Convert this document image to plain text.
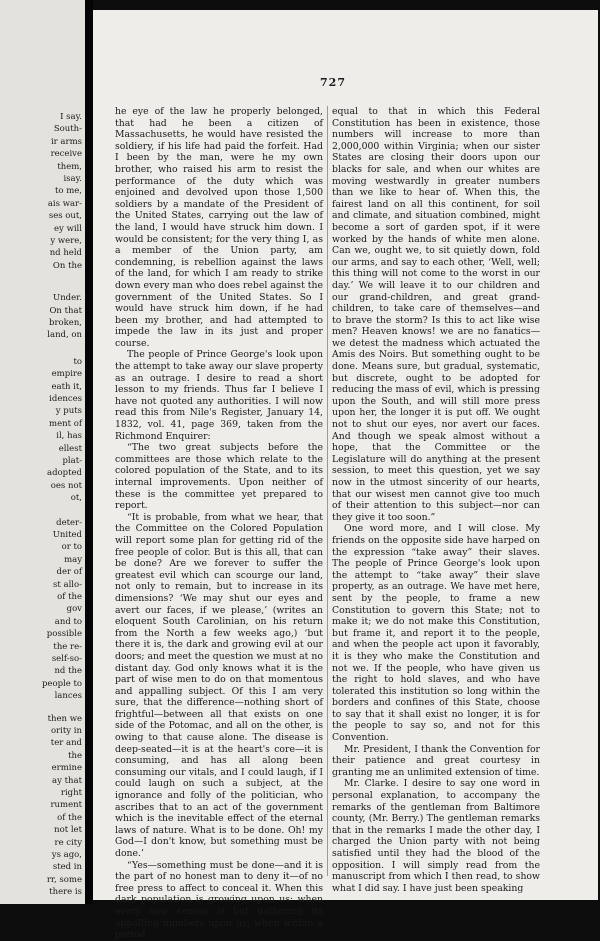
I say.
South-
ir arms
receive
them,
isay.
to me,
ais war-
ses out,
ey will
y were,
nd held
On the
Under.
On that
broken,
land, on
to
empire
eath it,
idences
y puts
ment of
il, has
ellest
plat-
adopted
oes not
ot,
deter-
United
or to
may
der of
st allo-
of the
gov
and to
possible
the re-
self-so-
nd the
people to
lances
then we
ority in
ter and
the
ermine
ay that
right
rument
of the
not let
re city
ys ago,
sted in
rr, some
there is
727

he eye of the law he properly belonged, that had he been a citizen of Massachusetts, he would have resisted the soldiery, if his life had paid the forfeit. Had I been by the man, were he my own brother, who raised his arm to resist the performance of the duty which was enjoined and devolved upon those 1,500 soldiers by a mandate of the President of the United States, carrying out the law of the land, I would have struck him down. I would be consistent; for the very thing I, as a member of the Union party, am condemning, is rebellion against the laws of the land, for which I am ready to strike down every man who does rebel against the government of the United States. So I would have struck him down, if he had been my brother, and had attempted to impede the law in its just and proper course.

The people of Prince George's look upon the attempt to take away our slave property as an outrage. I desire to read a short lesson to my friends. Thus far I believe I have not quoted any authorities. I will now read this from Nile's Register, January 14, 1832, vol. 41, page 369, taken from the Richmond Enquirer:

“The two great subjects before the committees are those which relate to the colored population of the State, and to its internal improvements. Upon neither of these is the committee yet prepared to report.

“It is probable, from what we hear, that the Committee on the Colored Population will report some plan for getting rid of the free people of color. But is this all, that can be done? Are we forever to suffer the greatest evil which can scourge our land, not only to remain, but to increase in its dimensions? ‘We may shut our eyes and avert our faces, if we please,’ (writes an eloquent South Carolinian, on his return from the North a few weeks ago,) ‘but there it is, the dark and growing evil at our doors; and meet the question we must at no distant day. God only knows what it is the part of wise men to do on that momentous and appalling subject. Of this I am very sure, that the difference—nothing short of frightful—between all that exists on one side of the Potomac, and all on the other, is owing to that cause alone. The disease is deep-seated—it is at the heart's core—it is consuming, and has all along been consuming our vitals, and I could laugh, if I could laugh on such a subject, at the ignorance and folly of the politician, who ascribes that to an act of the government which is the inevitable effect of the eternal laws of nature. What is to be done. Oh! my God—I don't know, but something must be done.’

“Yes—something must be done—and it is the part of no honest man to deny it—of no free press to affect to conceal it. When this dark population is growing upon us; when every new census is but gathering its appalling numbers upon us; when within a period

equal to that in which this Federal Constitution has been in existence, those numbers will increase to more than 2,000,000 within Virginia; when our sister States are closing their doors upon our blacks for sale, and when our whites are moving westwardly in greater numbers than we like to hear of. When this, the fairest land on all this continent, for soil and climate, and situation combined, might become a sort of garden spot, if it were worked by the hands of white men alone. Can we, ought we, to sit quietly down, fold our arms, and say to each other, ‘Well, well; this thing will not come to the worst in our day.’ We will leave it to our children and our grand-children, and great grand-children, to take care of themselves—and to brave the storm? Is this to act like wise men? Heaven knows! we are no fanatics—we detest the madness which actuated the Amis des Noirs. But something ought to be done. Means sure, but gradual, systematic, but discrete, ought to be adopted for reducing the mass of evil, which is pressing upon the South, and will still more press upon her, the longer it is put off. We ought not to shut our eyes, nor avert our faces. And though we speak almost without a hope, that the Committee or the Legislature will do anything at the present session, to meet this question, yet we say now in the utmost sincerity of our hearts, that our wisest men cannot give too much of their attention to this subject—nor can they give it too soon.”

One word more, and I will close. My friends on the opposite side have harped on the expression “take away” their slaves. The people of Prince George's look upon the attempt to “take away” their slave property, as an outrage. We have met here, sent by the people, to frame a new Constitution to govern this State; not to make it; we do not make this Constitution, but frame it, and report it to the people, and when the people act upon it favorably, it is they who make the Constitution and not we. If the people, who have given us the right to hold slaves, and who have tolerated this institution so long within the borders and confines of this State, choose to say that it shall exist no longer, it is for the people to say so, and not for this Convention.

Mr. President, I thank the Convention for their patience and great courtesy in granting me an unlimited extension of time.

Mr. Clarke. I desire to say one word in personal explanation, to accompany the remarks of the gentleman from Baltimore county, (Mr. Berry.) The gentleman remarks that in the remarks I made the other day, I charged the Union party with not being satisfied until they had the blood of the opposition. I will simply read from the manuscript from which I then read, to show what I did say. I have just been speaking
